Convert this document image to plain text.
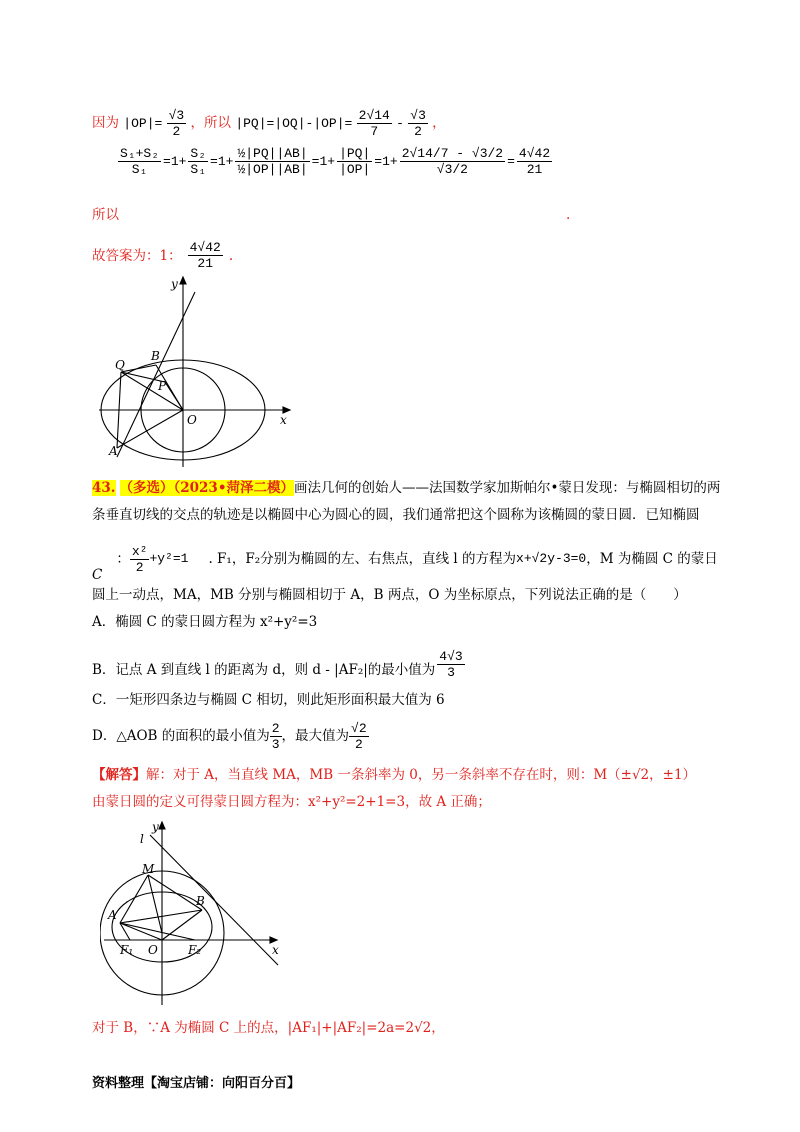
因为 $|OP|= \frac{√3}{2}$ ，所以 $|PQ|=|OQ|-|OP|= \frac{2√14}{7} - \frac{√3}{2}$ ，
$\frac{\text{S₁+S₂}}{\text{S₁}} =1+ \frac{\text{S₂}}{\text{S₁}} =1+ \frac{\text{½|PQ||AB|}}{\text{½|OP||AB|}} =1+ \frac{|PQ|}{|OP|} =1+ \frac{2√14/7 - √3/2}{√3/2} = \frac{4√42}{21}$
所以	.
故答案为：1： $\frac{4√42}{21}$ .
y
x
Q
B
P
O
A
43. （多选）（2023•菏泽二模）画法几何的创始人——法国数学家加斯帕尔•蒙日发现：与椭圆相切的两
条垂直切线的交点的轨迹是以椭圆中心为圆心的圆，我们通常把这个圆称为该椭圆的蒙日圆．已知椭圆
C
： $\frac{\text{x²}}{2} +y^2=1$ . F₁，F₂分别为椭圆的左、右焦点，直线 l 的方程为 x+√2y-3=0 ，M 为椭圆 C 的蒙日
圆上一动点，MA，MB 分别与椭圆相切于 A，B 两点，O 为坐标原点，下列说法正确的是（　　）
A．椭圆 C 的蒙日圆方程为 x²+y²=3
B．记点 A 到直线 l 的距离为 d，则 d - |AF₂|的最小值为 $\frac{4√3}{3}$
C．一矩形四条边与椭圆 C 相切，则此矩形面积最大值为 6
D．△AOB 的面积的最小值为 $\frac{2}{3}$ ，最大值为 $\frac{√2}{2}$
【解答】解：对于 A，当直线 MA，MB 一条斜率为 0，另一条斜率不存在时，则：M（±√2，±1）
由蒙日圆的定义可得蒙日圆方程为：x²+y²=2+1=3，故 A 正确；
y
l
M
A
B
F₁ O	F₂	x
对于 B，∵A 为椭圆 C 上的点，|AF₁|+|AF₂|=2a=2√2，
资料整理【淘宝店铺：向阳百分百】
